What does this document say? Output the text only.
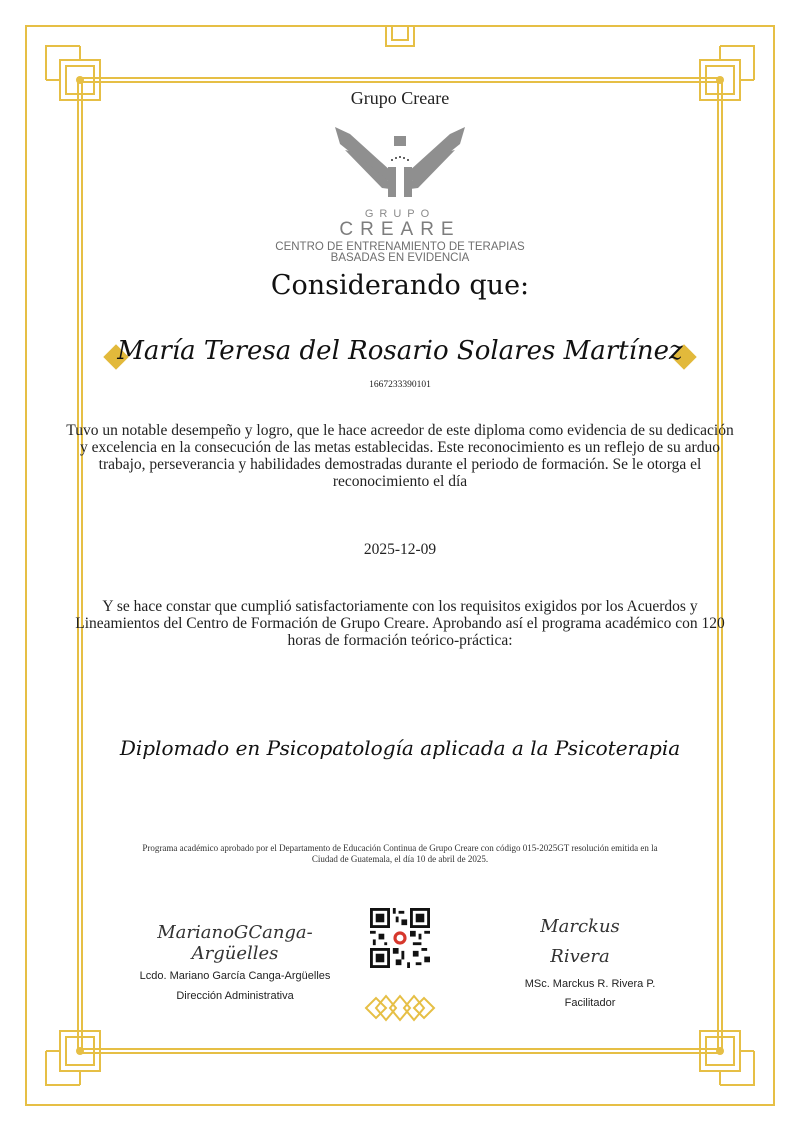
Grupo Creare
GRUPO
CREARE
CENTRO DE ENTRENAMIENTO DE TERAPIAS BASADAS EN EVIDENCIA
Considerando que:
María Teresa del Rosario Solares Martínez
1667233390101
Tuvo un notable desempeño y logro, que le hace acreedor de este diploma como evidencia de su dedicación y excelencia en la consecución de las metas establecidas. Este reconocimiento es un reflejo de su arduo trabajo, perseverancia y habilidades demostradas durante el periodo de formación. Se le otorga el reconocimiento el día
2025-12-09
Y se hace constar que cumplió satisfactoriamente con los requisitos exigidos por los Acuerdos y Lineamientos del Centro de Formación de Grupo Creare. Aprobando así el programa académico con 120 horas de formación teórico-práctica:
Diplomado en Psicopatología aplicada a la Psicoterapia
Programa académico aprobado por el Departamento de Educación Continua de Grupo Creare con código 015-2025GT resolución emitida en la Ciudad de Guatemala, el día 10 de abril de 2025.
MarianoGCanga-Argüelles
Lcdo. Mariano García Canga-Argüelles
Dirección Administrativa
Marckus Rivera
MSc. Marckus R. Rivera P.
Facilitador
